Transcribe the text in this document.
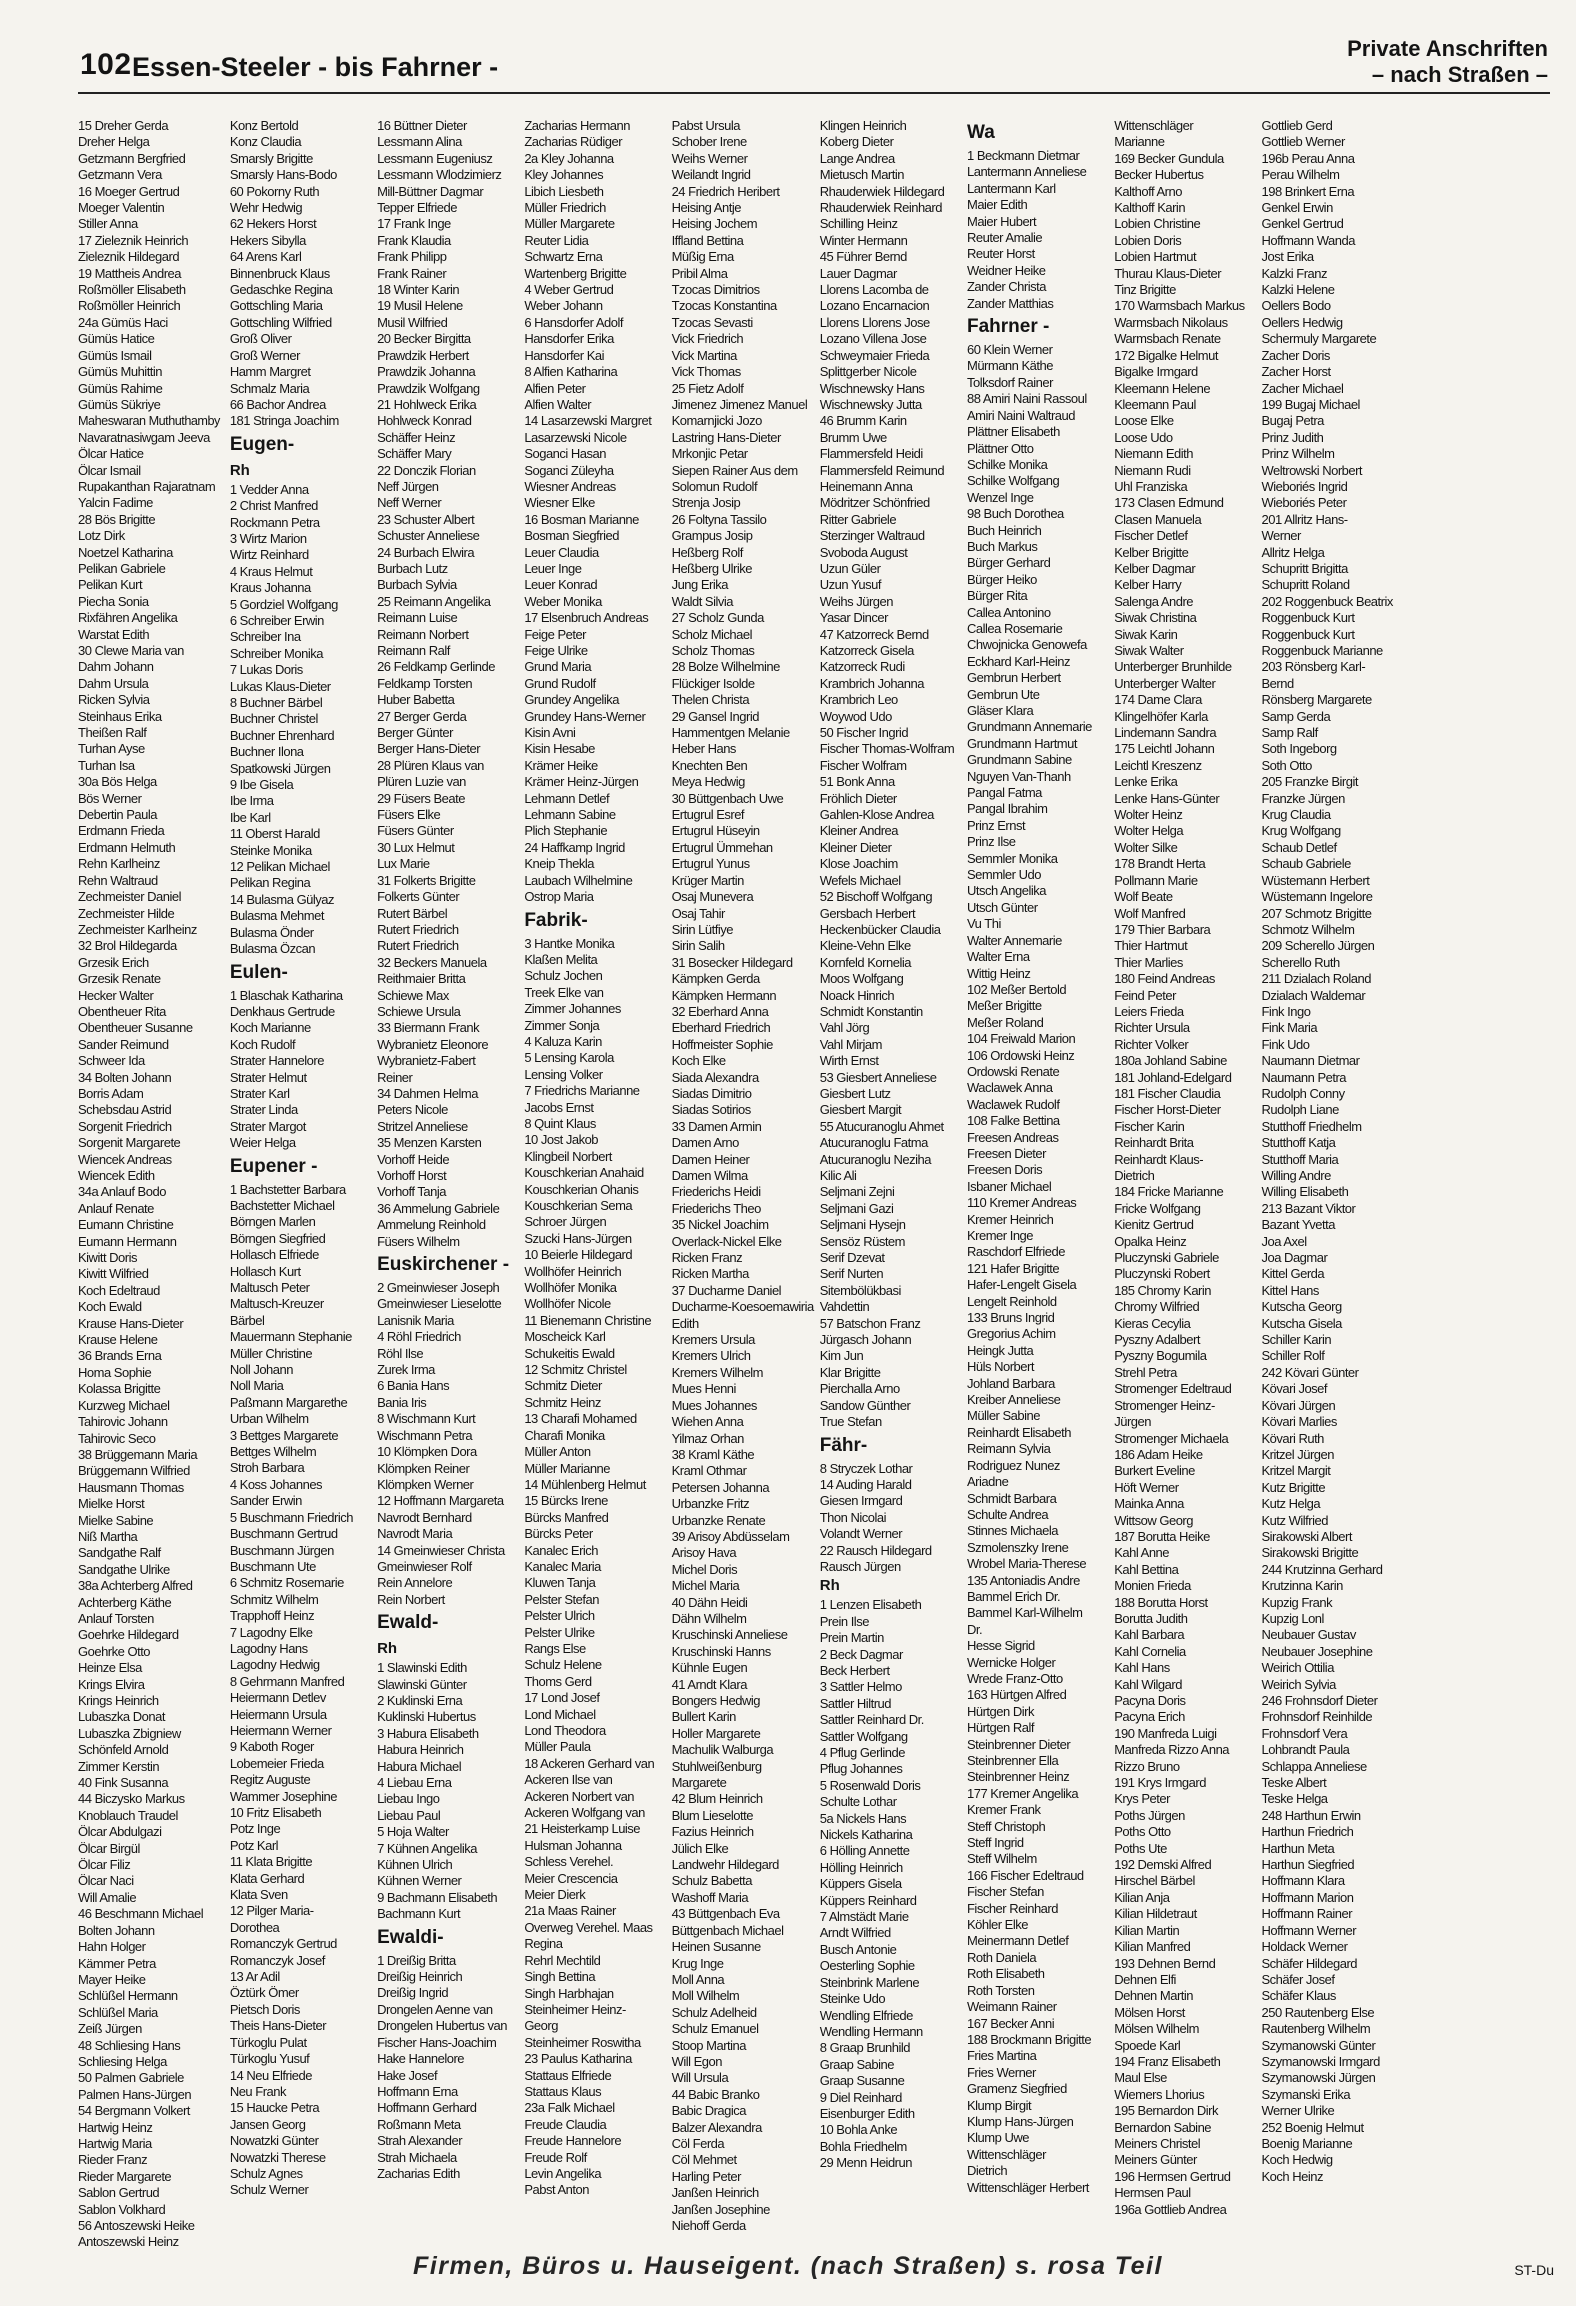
102 Essen-Steeler - bis Fahrner -
Private Anschriften
– nach Straßen –
15 Dreher Gerda
Dreher Helga
Getzmann Bergfried
Getzmann Vera
16 Moeger Gertrud
Moeger Valentin
Stiller Anna
17 Zieleznik Heinrich
Zieleznik Hildegard
19 Mattheis Andrea
Roßmöller Elisabeth
Roßmöller Heinrich
24a Gümüs Haci
Gümüs Hatice
Gümüs Ismail
Gümüs Muhittin
Gümüs Rahime
Gümüs Sükriye
Maheswaran Muthuthamby
Navaratnasiwgam Jeeva
Ölcar Hatice
Ölcar Ismail
Rupakanthan Rajaratnam
Yalcin Fadime
28 Bös Brigitte
Lotz Dirk
Noetzel Katharina
Pelikan Gabriele
Pelikan Kurt
Piecha Sonia
Rixfähren Angelika
Warstat Edith
30 Clewe Maria van
Dahm Johann
Dahm Ursula
Ricken Sylvia
Steinhaus Erika
Theißen Ralf
Turhan Ayse
Turhan Isa
30a Bös Helga
Bös Werner
Debertin Paula
Erdmann Frieda
Erdmann Helmuth
Rehn Karlheinz
Rehn Waltraud
Zechmeister Daniel
Zechmeister Hilde
Zechmeister Karlheinz
32 Brol Hildegarda
Grzesik Erich
Grzesik Renate
Hecker Walter
Obentheuer Rita
Obentheuer Susanne
Sander Reimund
Schweer Ida
34 Bolten Johann
Borris Adam
Schebsdau Astrid
Sorgenit Friedrich
Sorgenit Margarete
Wiencek Andreas
Wiencek Edith
34a Anlauf Bodo
Anlauf Renate
Eumann Christine
Eumann Hermann
Kiwitt Doris
Kiwitt Wilfried
Koch Edeltraud
Koch Ewald
Krause Hans-Dieter
Krause Helene
36 Brands Erna
Homa Sophie
Kolassa Brigitte
Kurzweg Michael
Tahirovic Johann
Tahirovic Seco
38 Brüggemann Maria
Brüggemann Wilfried
Hausmann Thomas
Mielke Horst
Mielke Sabine
Niß Martha
Sandgathe Ralf
Sandgathe Ulrike
38a Achterberg Alfred
Achterberg Käthe
Anlauf Torsten
Goehrke Hildegard
Goehrke Otto
Heinze Elsa
Krings Elvira
Krings Heinrich
Lubaszka Donat
Lubaszka Zbigniew
Schönfeld Arnold
Zimmer Kerstin
40 Fink Susanna
44 Biczysko Markus
Knoblauch Traudel
Ölcar Abdulgazi
Ölcar Birgül
Ölcar Filiz
Ölcar Naci
Will Amalie
46 Beschmann Michael
Bolten Johann
Hahn Holger
Kämmer Petra
Mayer Heike
Schlüßel Hermann
Schlüßel Maria
Zeiß Jürgen
48 Schliesing Hans
Schliesing Helga
50 Palmen Gabriele
Palmen Hans-Jürgen
54 Bergmann Volkert
Hartwig Heinz
Hartwig Maria
Rieder Franz
Rieder Margarete
Sablon Gertrud
Sablon Volkhard
56 Antoszewski Heike
Antoszewski Heinz
Konz Bertold
Konz Claudia
Smarsly Brigitte
Smarsly Hans-Bodo
60 Pokorny Ruth
Wehr Hedwig
62 Hekers Horst
Hekers Sibylla
64 Arens Karl
Binnenbruck Klaus
Gedaschke Regina
Gottschling Maria
Gottschling Wilfried
Groß Oliver
Groß Werner
Hamm Margret
Schmalz Maria
66 Bachor Andrea
181 Stringa Joachim
Eugen-
Rh
1 Vedder Anna
2 Christ Manfred
Rockmann Petra
3 Wirtz Marion
Wirtz Reinhard
4 Kraus Helmut
Kraus Johanna
5 Gordziel Wolfgang
6 Schreiber Erwin
Schreiber Ina
Schreiber Monika
7 Lukas Doris
Lukas Klaus-Dieter
8 Buchner Bärbel
Buchner Christel
Buchner Ehrenhard
Buchner Ilona
Spatkowski Jürgen
9 Ibe Gisela
Ibe Irma
Ibe Karl
11 Oberst Harald
Steinke Monika
12 Pelikan Michael
Pelikan Regina
14 Bulasma Gülyaz
Bulasma Mehmet
Bulasma Önder
Bulasma Özcan
Eulen-
1 Blaschak Katharina
Denkhaus Gertrude
Koch Marianne
Koch Rudolf
Strater Hannelore
Strater Helmut
Strater Karl
Strater Linda
Strater Margot
Weier Helga
Eupener -
1 Bachstetter Barbara
Bachstetter Michael
Börngen Marlen
Börngen Siegfried
Hollasch Elfriede
Hollasch Kurt
Maltusch Peter
Maltusch-Kreuzer
Bärbel
Mauermann Stephanie
Müller Christine
Noll Johann
Noll Maria
Paßmann Margarethe
Urban Wilhelm
3 Bettges Margarete
Bettges Wilhelm
Stroh Barbara
4 Koss Johannes
Sander Erwin
5 Buschmann Friedrich
Buschmann Gertrud
Buschmann Jürgen
Buschmann Ute
6 Schmitz Rosemarie
Schmitz Wilhelm
Trapphoff Heinz
7 Lagodny Elke
Lagodny Hans
Lagodny Hedwig
8 Gehrmann Manfred
Heiermann Detlev
Heiermann Ursula
Heiermann Werner
9 Kaboth Roger
Lobemeier Frieda
Regitz Auguste
Wammer Josephine
10 Fritz Elisabeth
Potz Inge
Potz Karl
11 Klata Brigitte
Klata Gerhard
Klata Sven
12 Pilger Maria-
Dorothea
Romanczyk Gertrud
Romanczyk Josef
13 Ar Adil
Öztürk Ömer
Pietsch Doris
Theis Hans-Dieter
Türkoglu Pulat
Türkoglu Yusuf
14 Neu Elfriede
Neu Frank
15 Haucke Petra
Jansen Georg
Nowatzki Günter
Nowatzki Therese
Schulz Agnes
Schulz Werner
16 Büttner Dieter
Lessmann Alina
Lessmann Eugeniusz
Lessmann Wlodzimierz
Mill-Büttner Dagmar
Tepper Elfriede
17 Frank Inge
Frank Klaudia
Frank Philipp
Frank Rainer
18 Winter Karin
19 Musil Helene
Musil Wilfried
20 Becker Birgitta
Prawdzik Herbert
Prawdzik Johanna
Prawdzik Wolfgang
21 Hohlweck Erika
Hohlweck Konrad
Schäffer Heinz
Schäffer Mary
22 Donczik Florian
Neff Jürgen
Neff Werner
23 Schuster Albert
Schuster Anneliese
24 Burbach Elwira
Burbach Lutz
Burbach Sylvia
25 Reimann Angelika
Reimann Luise
Reimann Norbert
Reimann Ralf
26 Feldkamp Gerlinde
Feldkamp Torsten
Huber Babetta
27 Berger Gerda
Berger Günter
Berger Hans-Dieter
28 Plüren Klaus van
Plüren Luzie van
29 Füsers Beate
Füsers Elke
Füsers Günter
30 Lux Helmut
Lux Marie
31 Folkerts Brigitte
Folkerts Günter
Rutert Bärbel
Rutert Friedrich
Rutert Friedrich
32 Beckers Manuela
Reithmaier Britta
Schiewe Max
Schiewe Ursula
33 Biermann Frank
Wybranietz Eleonore
Wybranietz-Fabert
Reiner
34 Dahmen Helma
Peters Nicole
Stritzel Anneliese
35 Menzen Karsten
Vorhoff Heide
Vorhoff Horst
Vorhoff Tanja
36 Ammelung Gabriele
Ammelung Reinhold
Füsers Wilhelm
Euskirchener -
2 Gmeinwieser Joseph
Gmeinwieser Lieselotte
Lanisnik Maria
4 Röhl Friedrich
Röhl Ilse
Zurek Irma
6 Bania Hans
Bania Iris
8 Wischmann Kurt
Wischmann Petra
10 Klömpken Dora
Klömpken Reiner
Klömpken Werner
12 Hoffmann Margareta
Navrodt Bernhard
Navrodt Maria
14 Gmeinwieser Christa
Gmeinwieser Rolf
Rein Annelore
Rein Norbert
Ewald-
Rh
1 Slawinski Edith
Slawinski Günter
2 Kuklinski Erna
Kuklinski Hubertus
3 Habura Elisabeth
Habura Heinrich
Habura Michael
4 Liebau Erna
Liebau Ingo
Liebau Paul
5 Hoja Walter
7 Kühnen Angelika
Kühnen Ulrich
Kühnen Werner
9 Bachmann Elisabeth
Bachmann Kurt
Ewaldi-
1 Dreißig Britta
Dreißig Heinrich
Dreißig Ingrid
Drongelen Aenne van
Drongelen Hubertus van
Fischer Hans-Joachim
Hake Hannelore
Hake Josef
Hoffmann Erna
Hoffmann Gerhard
Roßmann Meta
Strah Alexander
Strah Michaela
Zacharias Edith
Zacharias Hermann
Zacharias Rüdiger
2a Kley Johanna
Kley Johannes
Libich Liesbeth
Müller Friedrich
Müller Margarete
Reuter Lidia
Schwartz Erna
Wartenberg Brigitte
4 Weber Gertrud
Weber Johann
6 Hansdorfer Adolf
Hansdorfer Erika
Hansdorfer Kai
8 Alfien Katharina
Alfien Peter
Alfien Walter
14 Lasarzewski Margret
Lasarzewski Nicole
Soganci Hasan
Soganci Züleyha
Wiesner Andreas
Wiesner Elke
16 Bosman Marianne
Bosman Siegfried
Leuer Claudia
Leuer Inge
Leuer Konrad
Weber Monika
17 Elsenbruch Andreas
Feige Peter
Feige Ulrike
Grund Maria
Grund Rudolf
Grundey Angelika
Grundey Hans-Werner
Kisin Avni
Kisin Hesabe
Krämer Heike
Krämer Heinz-Jürgen
Lehmann Detlef
Lehmann Sabine
Plich Stephanie
24 Haffkamp Ingrid
Kneip Thekla
Laubach Wilhelmine
Ostrop Maria
Fabrik-
3 Hantke Monika
Klaßen Melita
Schulz Jochen
Treek Elke van
Zimmer Johannes
Zimmer Sonja
4 Kaluza Karin
5 Lensing Karola
Lensing Volker
7 Friedrichs Marianne
Jacobs Ernst
8 Quint Klaus
10 Jost Jakob
Klingbeil Norbert
Kouschkerian Anahaid
Kouschkerian Ohanis
Kouschkerian Sema
Schroer Jürgen
Szucki Hans-Jürgen
10 Beierle Hildegard
Wollhöfer Heinrich
Wollhöfer Monika
Wollhöfer Nicole
11 Bienemann Christine
Moscheick Karl
Schukeitis Ewald
12 Schmitz Christel
Schmitz Dieter
Schmitz Heinz
13 Charafi Mohamed
Charafi Monika
Müller Anton
Müller Marianne
14 Mühlenberg Helmut
15 Bürcks Irene
Bürcks Manfred
Bürcks Peter
Kanalec Erich
Kanalec Maria
Kluwen Tanja
Pelster Stefan
Pelster Ulrich
Pelster Ulrike
Rangs Else
Schulz Helene
Thoms Gerd
17 Lond Josef
Lond Michael
Lond Theodora
Müller Paula
18 Ackeren Gerhard van
Ackeren Ilse van
Ackeren Norbert van
Ackeren Wolfgang van
21 Heisterkamp Luise
Hulsman Johanna
Schless Verehel.
Meier Crescencia
Meier Dierk
21a Maas Rainer
Overweg Verehel. Maas
Regina
Rehrl Mechtild
Singh Bettina
Singh Harbhajan
Steinheimer Heinz-
Georg
Steinheimer Roswitha
23 Paulus Katharina
Stattaus Elfriede
Stattaus Klaus
23a Falk Michael
Freude Claudia
Freude Hannelore
Freude Rolf
Levin Angelika
Pabst Anton
Pabst Ursula
Schober Irene
Weihs Werner
Weilandt Ingrid
24 Friedrich Heribert
Heising Antje
Heising Jochem
Iffland Bettina
Müßig Erna
Pribil Alma
Tzocas Dimitrios
Tzocas Konstantina
Tzocas Sevasti
Vick Friedrich
Vick Martina
Vick Thomas
25 Fietz Adolf
Jimenez Jimenez Manuel
Komarnjicki Jozo
Lastring Hans-Dieter
Mrkonjic Petar
Siepen Rainer Aus dem
Solomun Rudolf
Strenja Josip
26 Foltyna Tassilo
Grampus Josip
Heßberg Rolf
Heßberg Ulrike
Jung Erika
Waldt Silvia
27 Scholz Gunda
Scholz Michael
Scholz Thomas
28 Bolze Wilhelmine
Flückiger Isolde
Thelen Christa
29 Gansel Ingrid
Hammentgen Melanie
Heber Hans
Knechten Ben
Meya Hedwig
30 Büttgenbach Uwe
Ertugrul Esref
Ertugrul Hüseyin
Ertugrul Ümmehan
Ertugrul Yunus
Krüger Martin
Osaj Munevera
Osaj Tahir
Sirin Lütfiye
Sirin Salih
31 Bosecker Hildegard
Kämpken Gerda
Kämpken Hermann
32 Eberhard Anna
Eberhard Friedrich
Hoffmeister Sophie
Koch Elke
Siada Alexandra
Siadas Dimitrio
Siadas Sotirios
33 Damen Armin
Damen Arno
Damen Heiner
Damen Wilma
Friederichs Heidi
Friederichs Theo
35 Nickel Joachim
Overlack-Nickel Elke
Ricken Franz
Ricken Martha
37 Ducharme Daniel
Ducharme-Koesoemawiria
Edith
Kremers Ursula
Kremers Ulrich
Kremers Wilhelm
Mues Henni
Mues Johannes
Wiehen Anna
Yilmaz Orhan
38 Kraml Käthe
Kraml Othmar
Petersen Johanna
Urbanzke Fritz
Urbanzke Renate
39 Arisoy Abdüsselam
Arisoy Hava
Michel Doris
Michel Maria
40 Dähn Heidi
Dähn Wilhelm
Kruschinski Anneliese
Kruschinski Hanns
Kühnle Eugen
41 Arndt Klara
Bongers Hedwig
Bullert Karin
Holler Margarete
Machulik Walburga
Stuhlweißenburg
Margarete
42 Blum Heinrich
Blum Lieselotte
Fazius Heinrich
Jülich Elke
Landwehr Hildegard
Schulz Babetta
Washoff Maria
43 Büttgenbach Eva
Büttgenbach Michael
Heinen Susanne
Krug Inge
Moll Anna
Moll Wilhelm
Schulz Adelheid
Schulz Emanuel
Stoop Martina
Will Egon
Will Ursula
44 Babic Branko
Babic Dragica
Balzer Alexandra
Cöl Ferda
Cöl Mehmet
Harling Peter
Janßen Heinrich
Janßen Josephine
Niehoff Gerda
Klingen Heinrich
Koberg Dieter
Lange Andrea
Mietusch Martin
Rhauderwiek Hildegard
Rhauderwiek Reinhard
Schilling Heinz
Winter Hermann
45 Führer Bernd
Lauer Dagmar
Llorens Lacomba de
Lozano Encarnacion
Llorens Llorens Jose
Lozano Villena Jose
Schweymaier Frieda
Splittgerber Nicole
Wischnewsky Hans
Wischnewsky Jutta
46 Brumm Karin
Brumm Uwe
Flammersfeld Heidi
Flammersfeld Reimund
Heinemann Anna
Mödritzer Schönfried
Ritter Gabriele
Sterzinger Waltraud
Svoboda August
Uzun Güler
Uzun Yusuf
Weihs Jürgen
Yasar Dincer
47 Katzorreck Bernd
Katzorreck Gisela
Katzorreck Rudi
Krambrich Johanna
Krambrich Leo
Woywod Udo
50 Fischer Ingrid
Fischer Thomas-Wolfram
Fischer Wolfram
51 Bonk Anna
Fröhlich Dieter
Gahlen-Klose Andrea
Kleiner Andrea
Kleiner Dieter
Klose Joachim
Wefels Michael
52 Bischoff Wolfgang
Gersbach Herbert
Heckenbücker Claudia
Kleine-Vehn Elke
Kornfeld Kornelia
Moos Wolfgang
Noack Hinrich
Schmidt Konstantin
Vahl Jörg
Vahl Mirjam
Wirth Ernst
53 Giesbert Anneliese
Giesbert Lutz
Giesbert Margit
55 Atucuranoglu Ahmet
Atucuranoglu Fatma
Atucuranoglu Neziha
Kilic Ali
Seljmani Zejni
Seljmani Gazi
Seljmani Hysejn
Sensöz Rüstem
Serif Dzevat
Serif Nurten
Sitembölükbasi
Vahdettin
57 Batschon Franz
Jürgasch Johann
Kim Jun
Klar Brigitte
Pierchalla Arno
Sandow Günther
True Stefan
Fähr-
8 Stryczek Lothar
14 Auding Harald
Giesen Irmgard
Thon Nicolai
Volandt Werner
22 Rausch Hildegard
Rausch Jürgen
Rh
1 Lenzen Elisabeth
Prein Ilse
Prein Martin
2 Beck Dagmar
Beck Herbert
3 Sattler Helmo
Sattler Hiltrud
Sattler Reinhard Dr.
Sattler Wolfgang
4 Pflug Gerlinde
Pflug Johannes
5 Rosenwald Doris
Schulte Lothar
5a Nickels Hans
Nickels Katharina
6 Hölling Annette
Hölling Heinrich
Küppers Gisela
Küppers Reinhard
7 Almstädt Marie
Arndt Wilfried
Busch Antonie
Oesterling Sophie
Steinbrink Marlene
Steinke Udo
Wendling Elfriede
Wendling Hermann
8 Graap Brunhild
Graap Sabine
Graap Susanne
9 Diel Reinhard
Eisenburger Edith
10 Bohla Anke
Bohla Friedhelm
29 Menn Heidrun
Wa
1 Beckmann Dietmar
Lantermann Anneliese
Lantermann Karl
Maier Edith
Maier Hubert
Reuter Amalie
Reuter Horst
Weidner Heike
Zander Christa
Zander Matthias
Fahrner -
60 Klein Werner
Mürmann Käthe
Tolksdorf Rainer
88 Amiri Naini Rassoul
Amiri Naini Waltraud
Plättner Elisabeth
Plättner Otto
Schilke Monika
Schilke Wolfgang
Wenzel Inge
98 Buch Dorothea
Buch Heinrich
Buch Markus
Bürger Gerhard
Bürger Heiko
Bürger Rita
Callea Antonino
Callea Rosemarie
Chwojnicka Genowefa
Eckhard Karl-Heinz
Gembrun Herbert
Gembrun Ute
Gläser Klara
Grundmann Annemarie
Grundmann Hartmut
Grundmann Sabine
Nguyen Van-Thanh
Pangal Fatma
Pangal Ibrahim
Prinz Ernst
Prinz Ilse
Semmler Monika
Semmler Udo
Utsch Angelika
Utsch Günter
Vu Thi
Walter Annemarie
Walter Erna
Wittig Heinz
102 Meßer Bertold
Meßer Brigitte
Meßer Roland
104 Freiwald Marion
106 Ordowski Heinz
Ordowski Renate
Waclawek Anna
Waclawek Rudolf
108 Falke Bettina
Freesen Andreas
Freesen Dieter
Freesen Doris
Isbaner Michael
110 Kremer Andreas
Kremer Heinrich
Kremer Inge
Raschdorf Elfriede
121 Hafer Brigitte
Hafer-Lengelt Gisela
Lengelt Reinhold
133 Bruns Ingrid
Gregorius Achim
Heingk Jutta
Hüls Norbert
Johland Barbara
Kreiber Anneliese
Müller Sabine
Reinhardt Elisabeth
Reimann Sylvia
Rodriguez Nunez
Ariadne
Schmidt Barbara
Schulte Andrea
Stinnes Michaela
Szmolenszky Irene
Wrobel Maria-Therese
135 Antoniadis Andre
Bammel Erich Dr.
Bammel Karl-Wilhelm
Dr.
Hesse Sigrid
Wernicke Holger
Wrede Franz-Otto
163 Hürtgen Alfred
Hürtgen Dirk
Hürtgen Ralf
Steinbrenner Dieter
Steinbrenner Ella
Steinbrenner Heinz
177 Kremer Angelika
Kremer Frank
Steff Christoph
Steff Ingrid
Steff Wilhelm
166 Fischer Edeltraud
Fischer Stefan
Fischer Reinhard
Köhler Elke
Meinermann Detlef
Roth Daniela
Roth Elisabeth
Roth Torsten
Weimann Rainer
167 Becker Anni
188 Brockmann Brigitte
Fries Martina
Fries Werner
Gramenz Siegfried
Klump Birgit
Klump Hans-Jürgen
Klump Uwe
Wittenschläger
Dietrich
Wittenschläger Herbert
Wittenschläger
Marianne
169 Becker Gundula
Becker Hubertus
Kalthoff Arno
Kalthoff Karin
Lobien Christine
Lobien Doris
Lobien Hartmut
Thurau Klaus-Dieter
Tinz Brigitte
170 Warmsbach Markus
Warmsbach Nikolaus
Warmsbach Renate
172 Bigalke Helmut
Bigalke Irmgard
Kleemann Helene
Kleemann Paul
Loose Elke
Loose Udo
Niemann Edith
Niemann Rudi
Uhl Franziska
173 Clasen Edmund
Clasen Manuela
Fischer Detlef
Kelber Brigitte
Kelber Dagmar
Kelber Harry
Salenga Andre
Siwak Christina
Siwak Karin
Siwak Walter
Unterberger Brunhilde
Unterberger Walter
174 Dame Clara
Klingelhöfer Karla
Lindemann Sandra
175 Leichtl Johann
Leichtl Kreszenz
Lenke Erika
Lenke Hans-Günter
Wolter Heinz
Wolter Helga
Wolter Silke
178 Brandt Herta
Pollmann Marie
Wolf Beate
Wolf Manfred
179 Thier Barbara
Thier Hartmut
Thier Marlies
180 Feind Andreas
Feind Peter
Leiers Frieda
Richter Ursula
Richter Volker
180a Johland Sabine
181 Johland-Edelgard
181 Fischer Claudia
Fischer Horst-Dieter
Fischer Karin
Reinhardt Brita
Reinhardt Klaus-
Dietrich
184 Fricke Marianne
Fricke Wolfgang
Kienitz Gertrud
Opalka Heinz
Pluczynski Gabriele
Pluczynski Robert
185 Chromy Karin
Chromy Wilfried
Kieras Cecylia
Pyszny Adalbert
Pyszny Bogumila
Strehl Petra
Stromenger Edeltraud
Stromenger Heinz-
Jürgen
Stromenger Michaela
186 Adam Heike
Burkert Eveline
Höft Werner
Mainka Anna
Wittsow Georg
187 Borutta Heike
Kahl Anne
Kahl Bettina
Monien Frieda
188 Borutta Horst
Borutta Judith
Kahl Barbara
Kahl Cornelia
Kahl Hans
Kahl Wilgard
Pacyna Doris
Pacyna Erich
190 Manfreda Luigi
Manfreda Rizzo Anna
Rizzo Bruno
191 Krys Irmgard
Krys Peter
Poths Jürgen
Poths Otto
Poths Ute
192 Demski Alfred
Hirschel Bärbel
Kilian Anja
Kilian Hildetraut
Kilian Martin
Kilian Manfred
193 Dehnen Bernd
Dehnen Elfi
Dehnen Martin
Mölsen Horst
Mölsen Wilhelm
Spoede Karl
194 Franz Elisabeth
Maul Else
Wiemers Lhorius
195 Bernardon Dirk
Bernardon Sabine
Meiners Christel
Meiners Günter
196 Hermsen Gertrud
Hermsen Paul
196a Gottlieb Andrea
Gottlieb Gerd
Gottlieb Werner
196b Perau Anna
Perau Wilhelm
198 Brinkert Erna
Genkel Erwin
Genkel Gertrud
Hoffmann Wanda
Jost Erika
Kalzki Franz
Kalzki Helene
Oellers Bodo
Oellers Hedwig
Schermuly Margarete
Zacher Doris
Zacher Horst
Zacher Michael
199 Bugaj Michael
Bugaj Petra
Prinz Judith
Prinz Wilhelm
Weltrowski Norbert
Wieboriés Ingrid
Wieboriés Peter
201 Allritz Hans-
Werner
Allritz Helga
Schupritt Brigitta
Schupritt Roland
202 Roggenbuck Beatrix
Roggenbuck Kurt
Roggenbuck Kurt
Roggenbuck Marianne
203 Rönsberg Karl-
Bernd
Rönsberg Margarete
Samp Gerda
Samp Ralf
Soth Ingeborg
Soth Otto
205 Franzke Birgit
Franzke Jürgen
Krug Claudia
Krug Wolfgang
Schaub Detlef
Schaub Gabriele
Wüstemann Herbert
Wüstemann Ingelore
207 Schmotz Brigitte
Schmotz Wilhelm
209 Scherello Jürgen
Scherello Ruth
211 Dzialach Roland
Dzialach Waldemar
Fink Ingo
Fink Maria
Fink Udo
Naumann Dietmar
Naumann Petra
Rudolph Conny
Rudolph Liane
Stutthoff Friedhelm
Stutthoff Katja
Stutthoff Maria
Willing Andre
Willing Elisabeth
213 Bazant Viktor
Bazant Yvetta
Joa Axel
Joa Dagmar
Kittel Gerda
Kittel Hans
Kutscha Georg
Kutscha Gisela
Schiller Karin
Schiller Rolf
242 Kövari Günter
Kövari Josef
Kövari Jürgen
Kövari Marlies
Kövari Ruth
Kritzel Jürgen
Kritzel Margit
Kutz Brigitte
Kutz Helga
Kutz Wilfried
Sirakowski Albert
Sirakowski Brigitte
244 Krutzinna Gerhard
Krutzinna Karin
Kupzig Frank
Kupzig Lonl
Neubauer Gustav
Neubauer Josephine
Weirich Ottilia
Weirich Sylvia
246 Frohnsdorf Dieter
Frohnsdorf Reinhilde
Frohnsdorf Vera
Lohbrandt Paula
Schlappa Anneliese
Teske Albert
Teske Helga
248 Harthun Erwin
Harthun Friedrich
Harthun Meta
Harthun Siegfried
Hoffmann Klara
Hoffmann Marion
Hoffmann Rainer
Hoffmann Werner
Holdack Werner
Schäfer Hildegard
Schäfer Josef
Schäfer Klaus
250 Rautenberg Else
Rautenberg Wilhelm
Szymanowski Günter
Szymanowski Irmgard
Szymanowski Jürgen
Szymanski Erika
Werner Ulrike
252 Boenig Helmut
Boenig Marianne
Koch Hedwig
Koch Heinz
Firmen, Büros u. Hauseigent. (nach Straßen) s. rosa Teil	ST-Du
